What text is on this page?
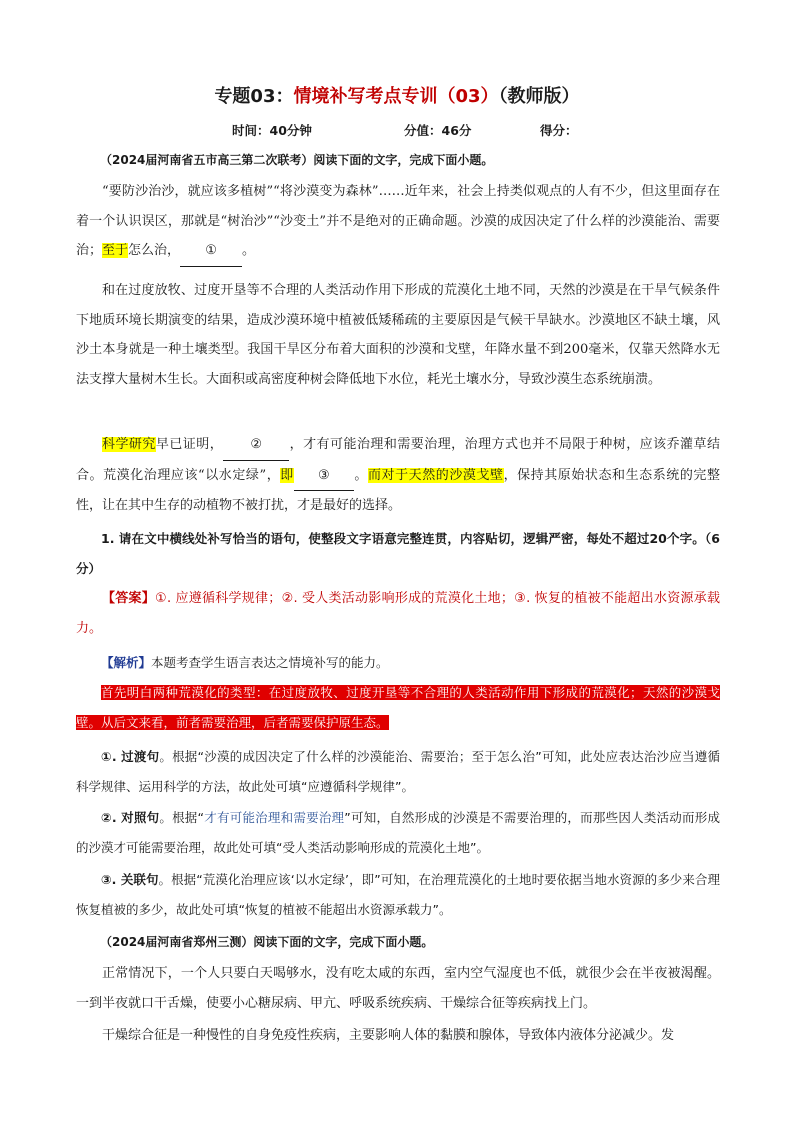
专题03：情境补写考点专训（03）（教师版）
时间：40分钟	分值：46分	得分：
（2024届河南省五市高三第二次联考）阅读下面的文字，完成下面小题。
“要防沙治沙，就应该多植树”“将沙漠变为森林”……近年来，社会上持类似观点的人有不少，但这里面存在着一个认识误区，那就是“树治沙”“沙变土”并不是绝对的正确命题。沙漠的成因决定了什么样的沙漠能治、需要治；至于怎么治， ① 。
和在过度放牧、过度开垦等不合理的人类活动作用下形成的荒漠化土地不同，天然的沙漠是在干旱气候条件下地质环境长期演变的结果，造成沙漠环境中植被低矮稀疏的主要原因是气候干旱缺水。沙漠地区不缺土壤，风沙土本身就是一种土壤类型。我国干旱区分布着大面积的沙漠和戈壁，年降水量不到200毫米，仅靠天然降水无法支撑大量树木生长。大面积或高密度种树会降低地下水位，耗光土壤水分，导致沙漠生态系统崩溃。
科学研究早已证明， ② ，才有可能治理和需要治理，治理方式也并不局限于种树，应该乔灌草结合。荒漠化治理应该“以水定绿”，即 ③ 。而对于天然的沙漠戈壁，保持其原始状态和生态系统的完整性，让在其中生存的动植物不被打扰，才是最好的选择。
1. 请在文中横线处补写恰当的语句，使整段文字语意完整连贯，内容贴切，逻辑严密，每处不超过20个字。（6分）
【答案】①. 应遵循科学规律；②. 受人类活动影响形成的荒漠化土地；③. 恢复的植被不能超出水资源承载力。
【解析】本题考查学生语言表达之情境补写的能力。
首先明白两种荒漠化的类型：在过度放牧、过度开垦等不合理的人类活动作用下形成的荒漠化；天然的沙漠戈壁。从后文来看，前者需要治理，后者需要保护原生态。
①. 过渡句。根据“沙漠的成因决定了什么样的沙漠能治、需要治；至于怎么治”可知，此处应表达治沙应当遵循科学规律、运用科学的方法，故此处可填“应遵循科学规律”。
②. 对照句。根据“才有可能治理和需要治理”可知，自然形成的沙漠是不需要治理的，而那些因人类活动而形成的沙漠才可能需要治理，故此处可填“受人类活动影响形成的荒漠化土地”。
③. 关联句。根据“荒漠化治理应该‘以水定绿’，即”可知，在治理荒漠化的土地时要依据当地水资源的多少来合理恢复植被的多少，故此处可填“恢复的植被不能超出水资源承载力”。
（2024届河南省郑州三测）阅读下面的文字，完成下面小题。
正常情况下，一个人只要白天喝够水，没有吃太咸的东西，室内空气湿度也不低，就很少会在半夜被渴醒。一到半夜就口干舌燥，使要小心糖尿病、甲亢、呼吸系统疾病、干燥综合征等疾病找上门。
干燥综合征是一种慢性的自身免疫性疾病，主要影响人体的黏膜和腺体，导致体内液体分泌减少。发
